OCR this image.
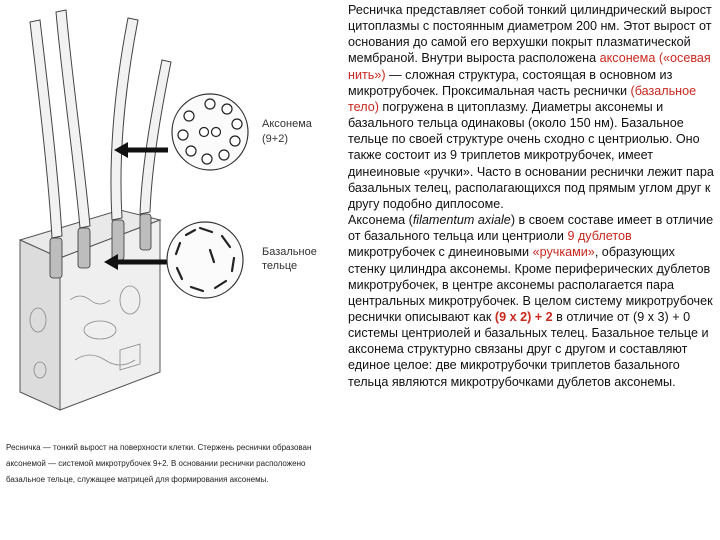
Аксонема
(9+2)
Базальное
тельце
Ресничка — тонкий вырост на поверхности клетки. Стержень реснички образован аксонемой — системой микротрубочек 9+2. В основании реснички расположено базальное тельце, служащее матрицей для формирования аксонемы.

Ресничка представляет собой тонкий цилиндрический вырост цитоплазмы с постоянным диаметром 200 нм. Этот вырост от основания до самой его верхушки покрыт плазматической мембраной. Внутри выроста расположена аксонема («осевая нить») — сложная структура, состоящая в основном из микротрубочек. Проксимальная часть реснички (базальное тело) погружена в цитоплазму. Диаметры аксонемы и базального тельца одинаковы (около 150 нм). Базальное тельце по своей структуре очень сходно с центриолью. Оно также состоит из 9 триплетов микротрубочек, имеет динеиновые «ручки». Часто в основании реснички лежит пара базальных телец, располагающихся под прямым углом друг к другу подобно диплосоме.

Аксонема (filamentum axiale) в своем составе имеет в отличие от базального тельца или центриоли 9 дублетов микротрубочек с динеиновыми «ручками», образующих стенку цилиндра аксонемы. Кроме периферических дублетов микротрубочек, в центре аксонемы располагается пара центральных микротрубочек. В целом систему микротрубочек реснички описывают как (9 х 2) + 2 в отличие от (9 х 3) + 0 системы центриолей и базальных телец. Базальное тельце и аксонема структурно связаны друг с другом и составляют единое целое: две микротрубочки триплетов базального тельца являются микротрубочками дублетов аксонемы.
